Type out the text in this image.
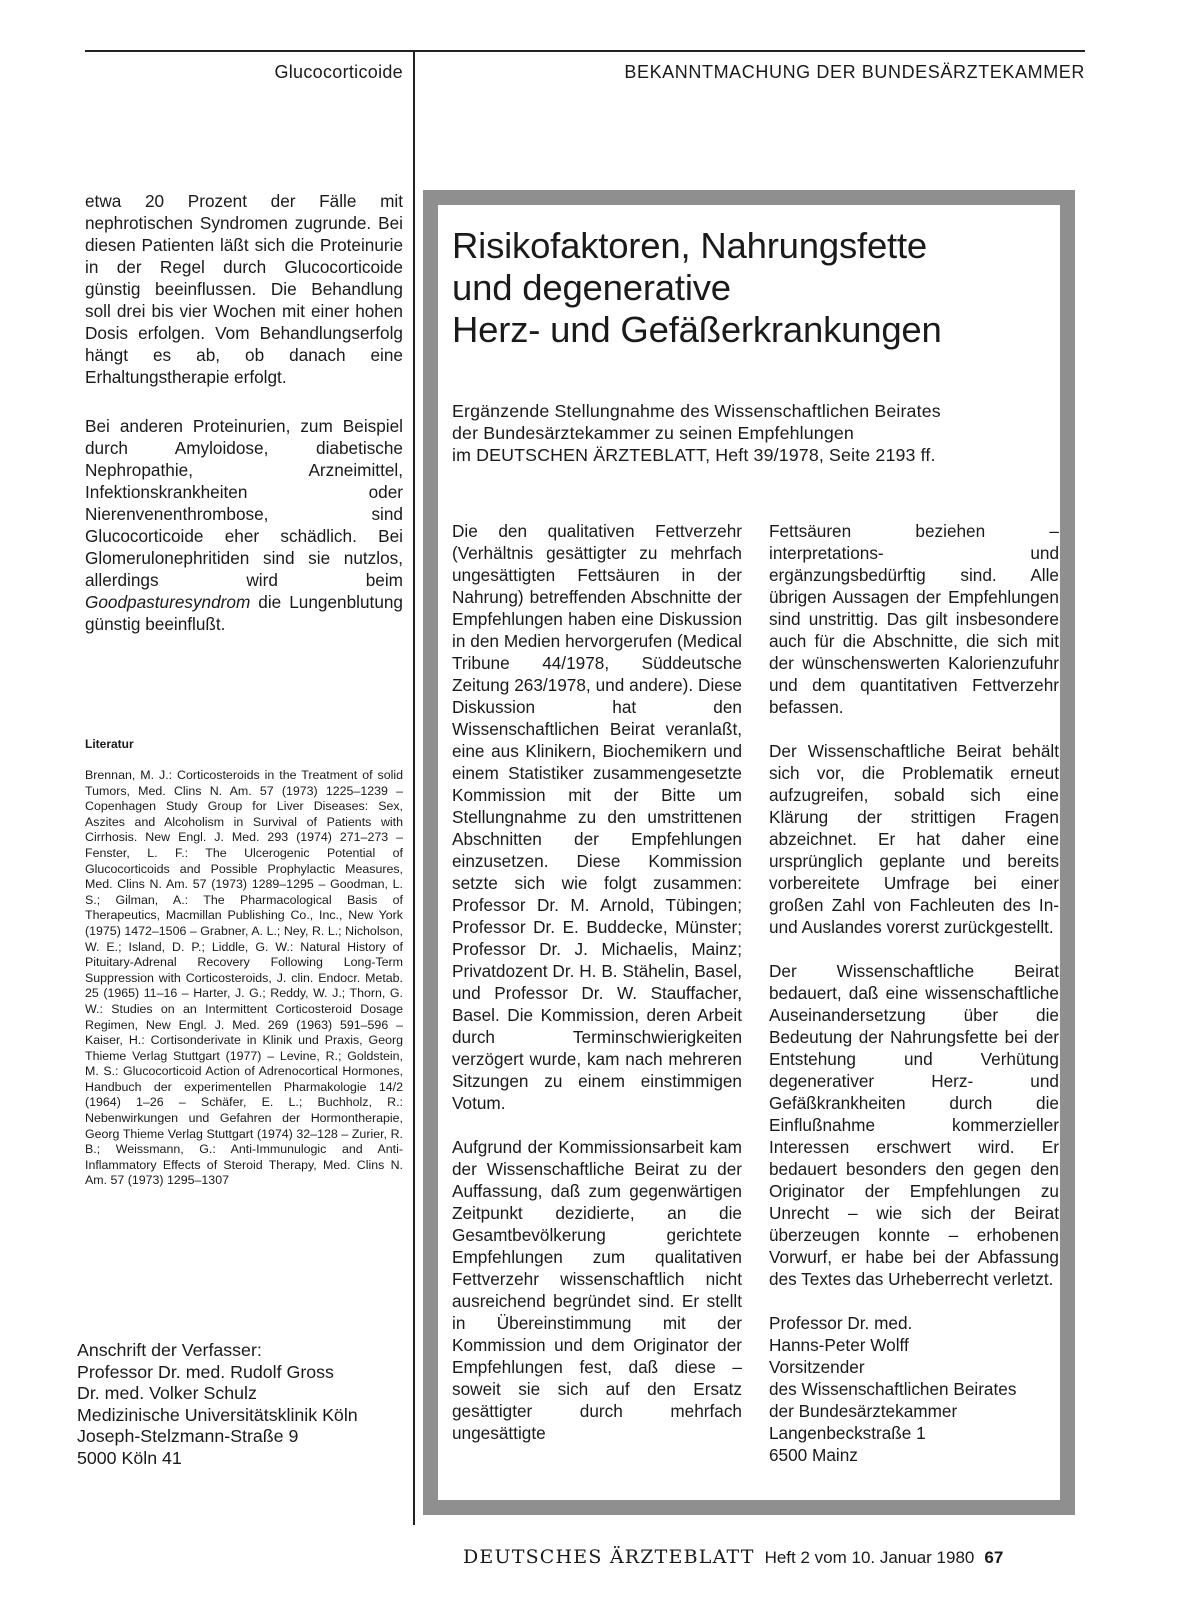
Glucocorticoide	BEKANNTMACHUNG DER BUNDESÄRZTEKAMMER

etwa 20 Prozent der Fälle mit nephrotischen Syndromen zugrunde. Bei diesen Patienten läßt sich die Proteinurie in der Regel durch Glucocorticoide günstig beeinflussen. Die Behandlung soll drei bis vier Wochen mit einer hohen Dosis erfolgen. Vom Behandlungserfolg hängt es ab, ob danach eine Erhaltungstherapie erfolgt.

Bei anderen Proteinurien, zum Beispiel durch Amyloidose, diabetische Nephropathie, Arzneimittel, Infektionskrankheiten oder Nierenvenenthrombose, sind Glucocorticoide eher schädlich. Bei Glomerulonephritiden sind sie nutzlos, allerdings wird beim Goodpasturesyndrom die Lungenblutung günstig beeinflußt.

Literatur
Brennan, M. J.: Corticosteroids in the Treatment of solid Tumors, Med. Clins N. Am. 57 (1973) 1225–1239 – Copenhagen Study Group for Liver Diseases: Sex, Aszites and Alcoholism in Survival of Patients with Cirrhosis. New Engl. J. Med. 293 (1974) 271–273 – Fenster, L. F.: The Ulcerogenic Potential of Glucocorticoids and Possible Prophylactic Measures, Med. Clins N. Am. 57 (1973) 1289–1295 – Goodman, L. S.; Gilman, A.: The Pharmacological Basis of Therapeutics, Macmillan Publishing Co., Inc., New York (1975) 1472–1506 – Grabner, A. L.; Ney, R. L.; Nicholson, W. E.; Island, D. P.; Liddle, G. W.: Natural History of Pituitary-Adrenal Recovery Following Long-Term Suppression with Corticosteroids, J. clin. Endocr. Metab. 25 (1965) 11–16 – Harter, J. G.; Reddy, W. J.; Thorn, G. W.: Studies on an Intermittent Corticosteroid Dosage Regimen, New Engl. J. Med. 269 (1963) 591–596 – Kaiser, H.: Cortisonderivate in Klinik und Praxis, Georg Thieme Verlag Stuttgart (1977) – Levine, R.; Goldstein, M. S.: Glucocorticoid Action of Adrenocortical Hormones, Handbuch der experimentellen Pharmakologie 14/2 (1964) 1–26 – Schäfer, E. L.; Buchholz, R.: Nebenwirkungen und Gefahren der Hormontherapie, Georg Thieme Verlag Stuttgart (1974) 32–128 – Zurier, R. B.; Weissmann, G.: Anti-Immunulogic and Anti-Inflammatory Effects of Steroid Therapy, Med. Clins N. Am. 57 (1973) 1295–1307
Anschrift der Verfasser:
Professor Dr. med. Rudolf Gross
Dr. med. Volker Schulz
Medizinische Universitätsklinik Köln
Joseph-Stelzmann-Straße 9
5000 Köln 41
Risikofaktoren, Nahrungsfette
und degenerative
Herz- und Gefäßerkrankungen
Ergänzende Stellungnahme des Wissenschaftlichen Beirates
der Bundesärztekammer zu seinen Empfehlungen
im DEUTSCHEN ÄRZTEBLATT, Heft 39/1978, Seite 2193 ff.

Die den qualitativen Fettverzehr (Verhältnis gesättigter zu mehrfach ungesättigten Fettsäuren in der Nahrung) betreffenden Abschnitte der Empfehlungen haben eine Diskussion in den Medien hervorgerufen (Medical Tribune 44/1978, Süddeutsche Zeitung 263/1978, und andere). Diese Diskussion hat den Wissenschaftlichen Beirat veranlaßt, eine aus Klinikern, Biochemikern und einem Statistiker zusammengesetzte Kommission mit der Bitte um Stellungnahme zu den umstrittenen Abschnitten der Empfehlungen einzusetzen. Diese Kommission setzte sich wie folgt zusammen: Professor Dr. M. Arnold, Tübingen; Professor Dr. E. Buddecke, Münster; Professor Dr. J. Michaelis, Mainz; Privatdozent Dr. H. B. Stähelin, Basel, und Professor Dr. W. Stauffacher, Basel. Die Kommission, deren Arbeit durch Terminschwierigkeiten verzögert wurde, kam nach mehreren Sitzungen zu einem einstimmigen Votum.

Aufgrund der Kommissionsarbeit kam der Wissenschaftliche Beirat zu der Auffassung, daß zum gegenwärtigen Zeitpunkt dezidierte, an die Gesamtbevölkerung gerichtete Empfehlungen zum qualitativen Fettverzehr wissenschaftlich nicht ausreichend begründet sind. Er stellt in Übereinstimmung mit der Kommission und dem Originator der Empfehlungen fest, daß diese – soweit sie sich auf den Ersatz gesättigter durch mehrfach ungesättigte

Fettsäuren beziehen – interpretations- und ergänzungsbedürftig sind. Alle übrigen Aussagen der Empfehlungen sind unstrittig. Das gilt insbesondere auch für die Abschnitte, die sich mit der wünschenswerten Kalorienzufuhr und dem quantitativen Fettverzehr befassen.

Der Wissenschaftliche Beirat behält sich vor, die Problematik erneut aufzugreifen, sobald sich eine Klärung der strittigen Fragen abzeichnet. Er hat daher eine ursprünglich geplante und bereits vorbereitete Umfrage bei einer großen Zahl von Fachleuten des In- und Auslandes vorerst zurückgestellt.

Der Wissenschaftliche Beirat bedauert, daß eine wissenschaftliche Auseinandersetzung über die Bedeutung der Nahrungsfette bei der Entstehung und Verhütung degenerativer Herz- und Gefäßkrankheiten durch die Einflußnahme kommerzieller Interessen erschwert wird. Er bedauert besonders den gegen den Originator der Empfehlungen zu Unrecht – wie sich der Beirat überzeugen konnte – erhobenen Vorwurf, er habe bei der Abfassung des Textes das Urheberrecht verletzt.

Professor Dr. med.
Hanns-Peter Wolff
Vorsitzender
des Wissenschaftlichen Beirates
der Bundesärztekammer
Langenbeckstraße 1
6500 Mainz
DEUTSCHES ÄRZTEBLATT Heft 2 vom 10. Januar 1980 67
